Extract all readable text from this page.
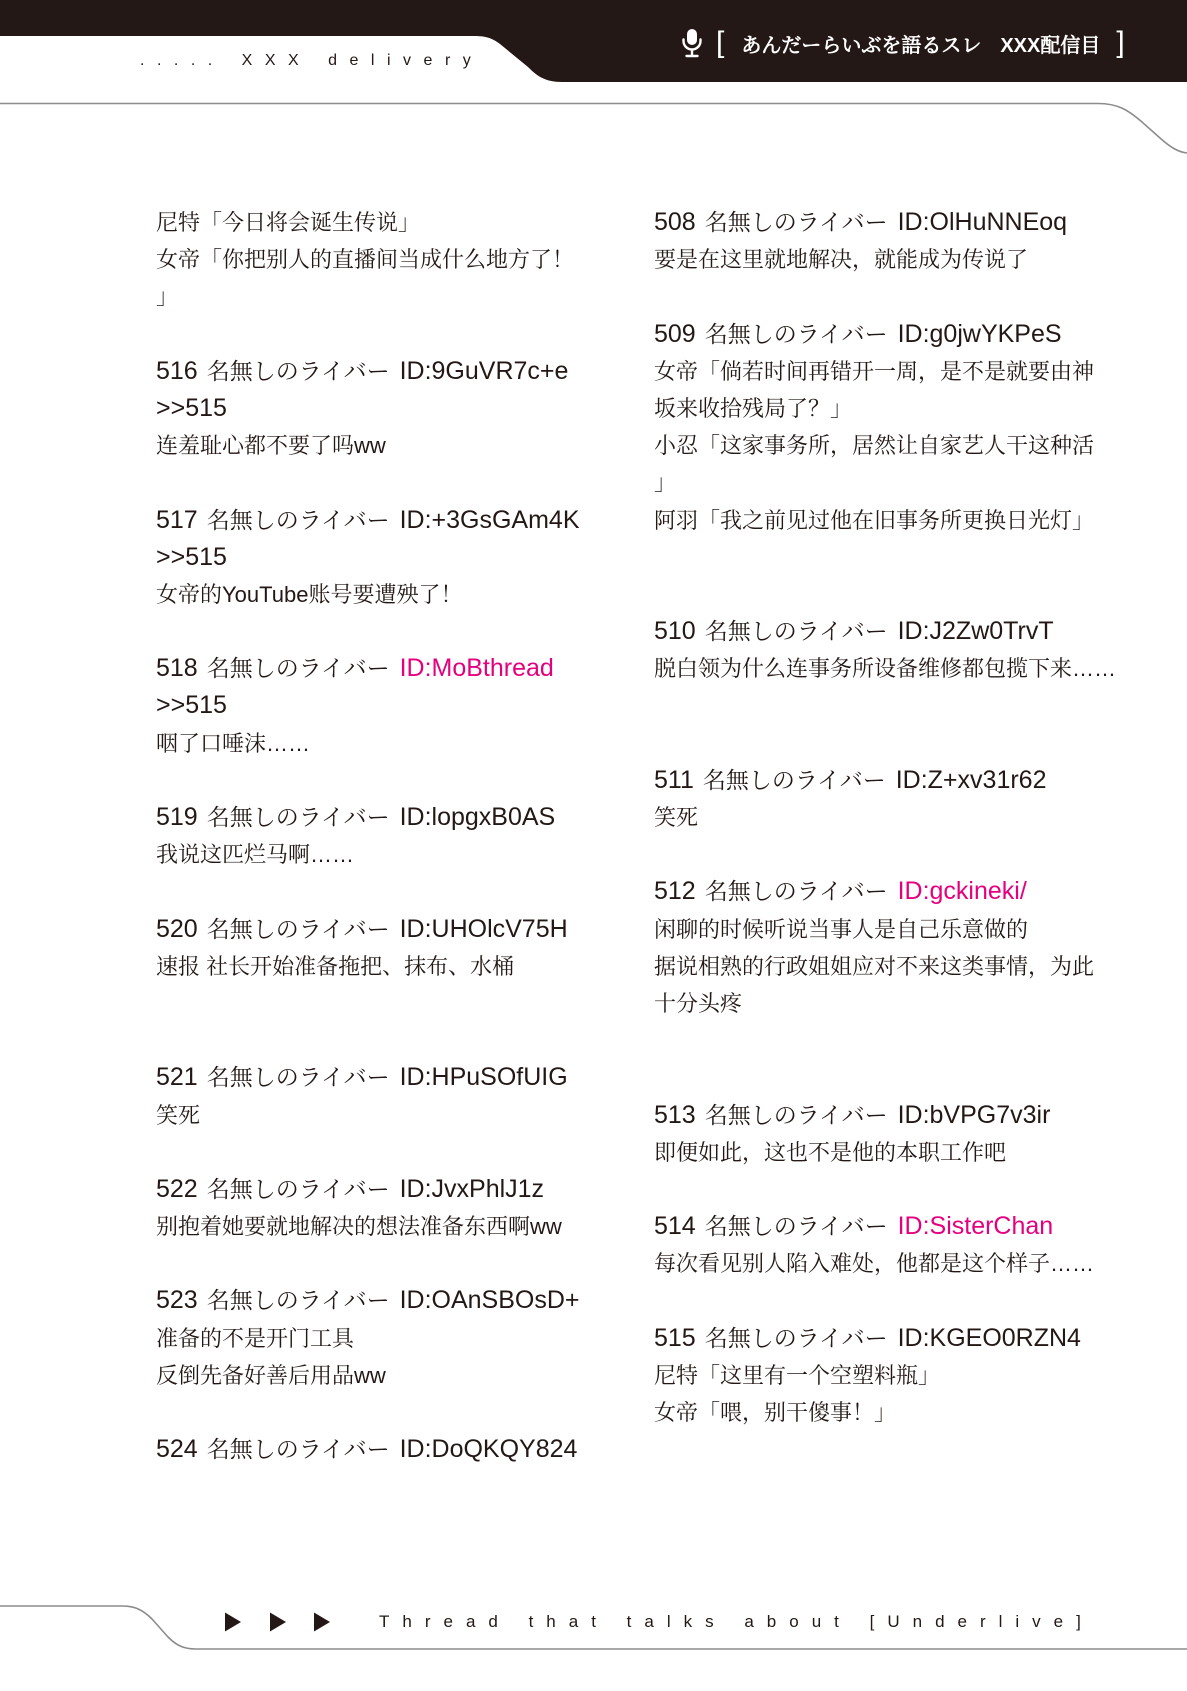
..... XXX delivery
[ あんだーらいぶを語るスレ XXX配信目 ]
尼特「今日将会诞生传说」
女帝「你把别人的直播间当成什么地方了！
」
516 名無しのライバー ID:9GuVR7c+e
>>515
连羞耻心都不要了吗ww
517 名無しのライバー ID:+3GsGAm4K
>>515
女帝的YouTube账号要遭殃了！
518 名無しのライバー ID:MoBthread
>>515
咽了口唾沫……
519 名無しのライバー ID:lopgxB0AS
我说这匹烂马啊……
520 名無しのライバー ID:UHOlcV75H
速报 社长开始准备拖把、抹布、水桶
521 名無しのライバー ID:HPuSOfUIG
笑死
522 名無しのライバー ID:JvxPhlJ1z
别抱着她要就地解决的想法准备东西啊ww
523 名無しのライバー ID:OAnSBOsD+
准备的不是开门工具
反倒先备好善后用品ww
524 名無しのライバー ID:DoQKQY824
508 名無しのライバー ID:OlHuNNEoq
要是在这里就地解决，就能成为传说了
509 名無しのライバー ID:g0jwYKPeS
女帝「倘若时间再错开一周，是不是就要由神
坂来收拾残局了？」
小忍「这家事务所，居然让自家艺人干这种活
」
阿羽「我之前见过他在旧事务所更换日光灯」
510 名無しのライバー ID:J2Zw0TrvT
脱白领为什么连事务所设备维修都包揽下来……
511 名無しのライバー ID:Z+xv31r62
笑死
512 名無しのライバー ID:gckineki/
闲聊的时候听说当事人是自己乐意做的
据说相熟的行政姐姐应对不来这类事情，为此
十分头疼
513 名無しのライバー ID:bVPG7v3ir
即便如此，这也不是他的本职工作吧
514 名無しのライバー ID:SisterChan
每次看见别人陷入难处，他都是这个样子……
515 名無しのライバー ID:KGEO0RZN4
尼特「这里有一个空塑料瓶」
女帝「喂，别干傻事！」
Thread that talks about [Underlive]
